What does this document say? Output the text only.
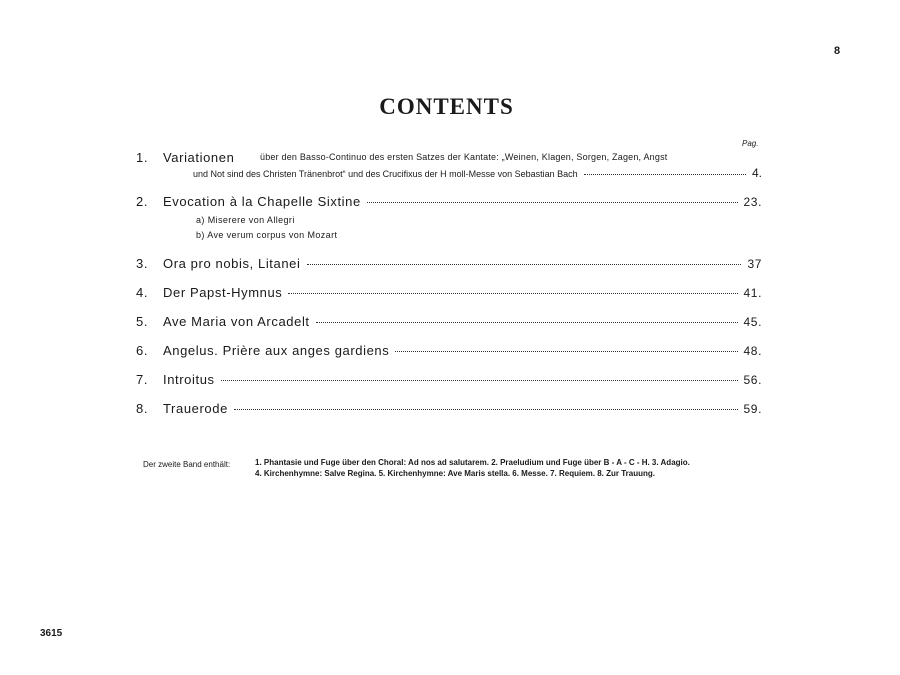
8
CONTENTS
Pag.
1. Variationen	über den Basso-Continuo des ersten Satzes der Kantate: „Weinen, Klagen, Sorgen, Zagen, Angst
und Not sind des Christen Tränenbrot“ und des Crucifixus der H moll-Messe von Sebastian Bach	4.
2. Evocation à la Chapelle Sixtine	23.
a) Miserere von Allegri
b) Ave verum corpus von Mozart
3. Ora pro nobis, Litanei	37
4. Der Papst-Hymnus	41.
5. Ave Maria von Arcadelt	45.
6. Angelus. Prière aux anges gardiens	48.
7. Introitus	56.
8. Trauerode	59.
Der zweite Band enthält:	1. Phantasie und Fuge über den Choral: Ad nos ad salutarem. 2. Praeludium und Fuge über B - A - C - H. 3. Adagio.
4. Kirchenhymne: Salve Regina. 5. Kirchenhymne: Ave Maris stella. 6. Messe. 7. Requiem. 8. Zur Trauung.
3615
